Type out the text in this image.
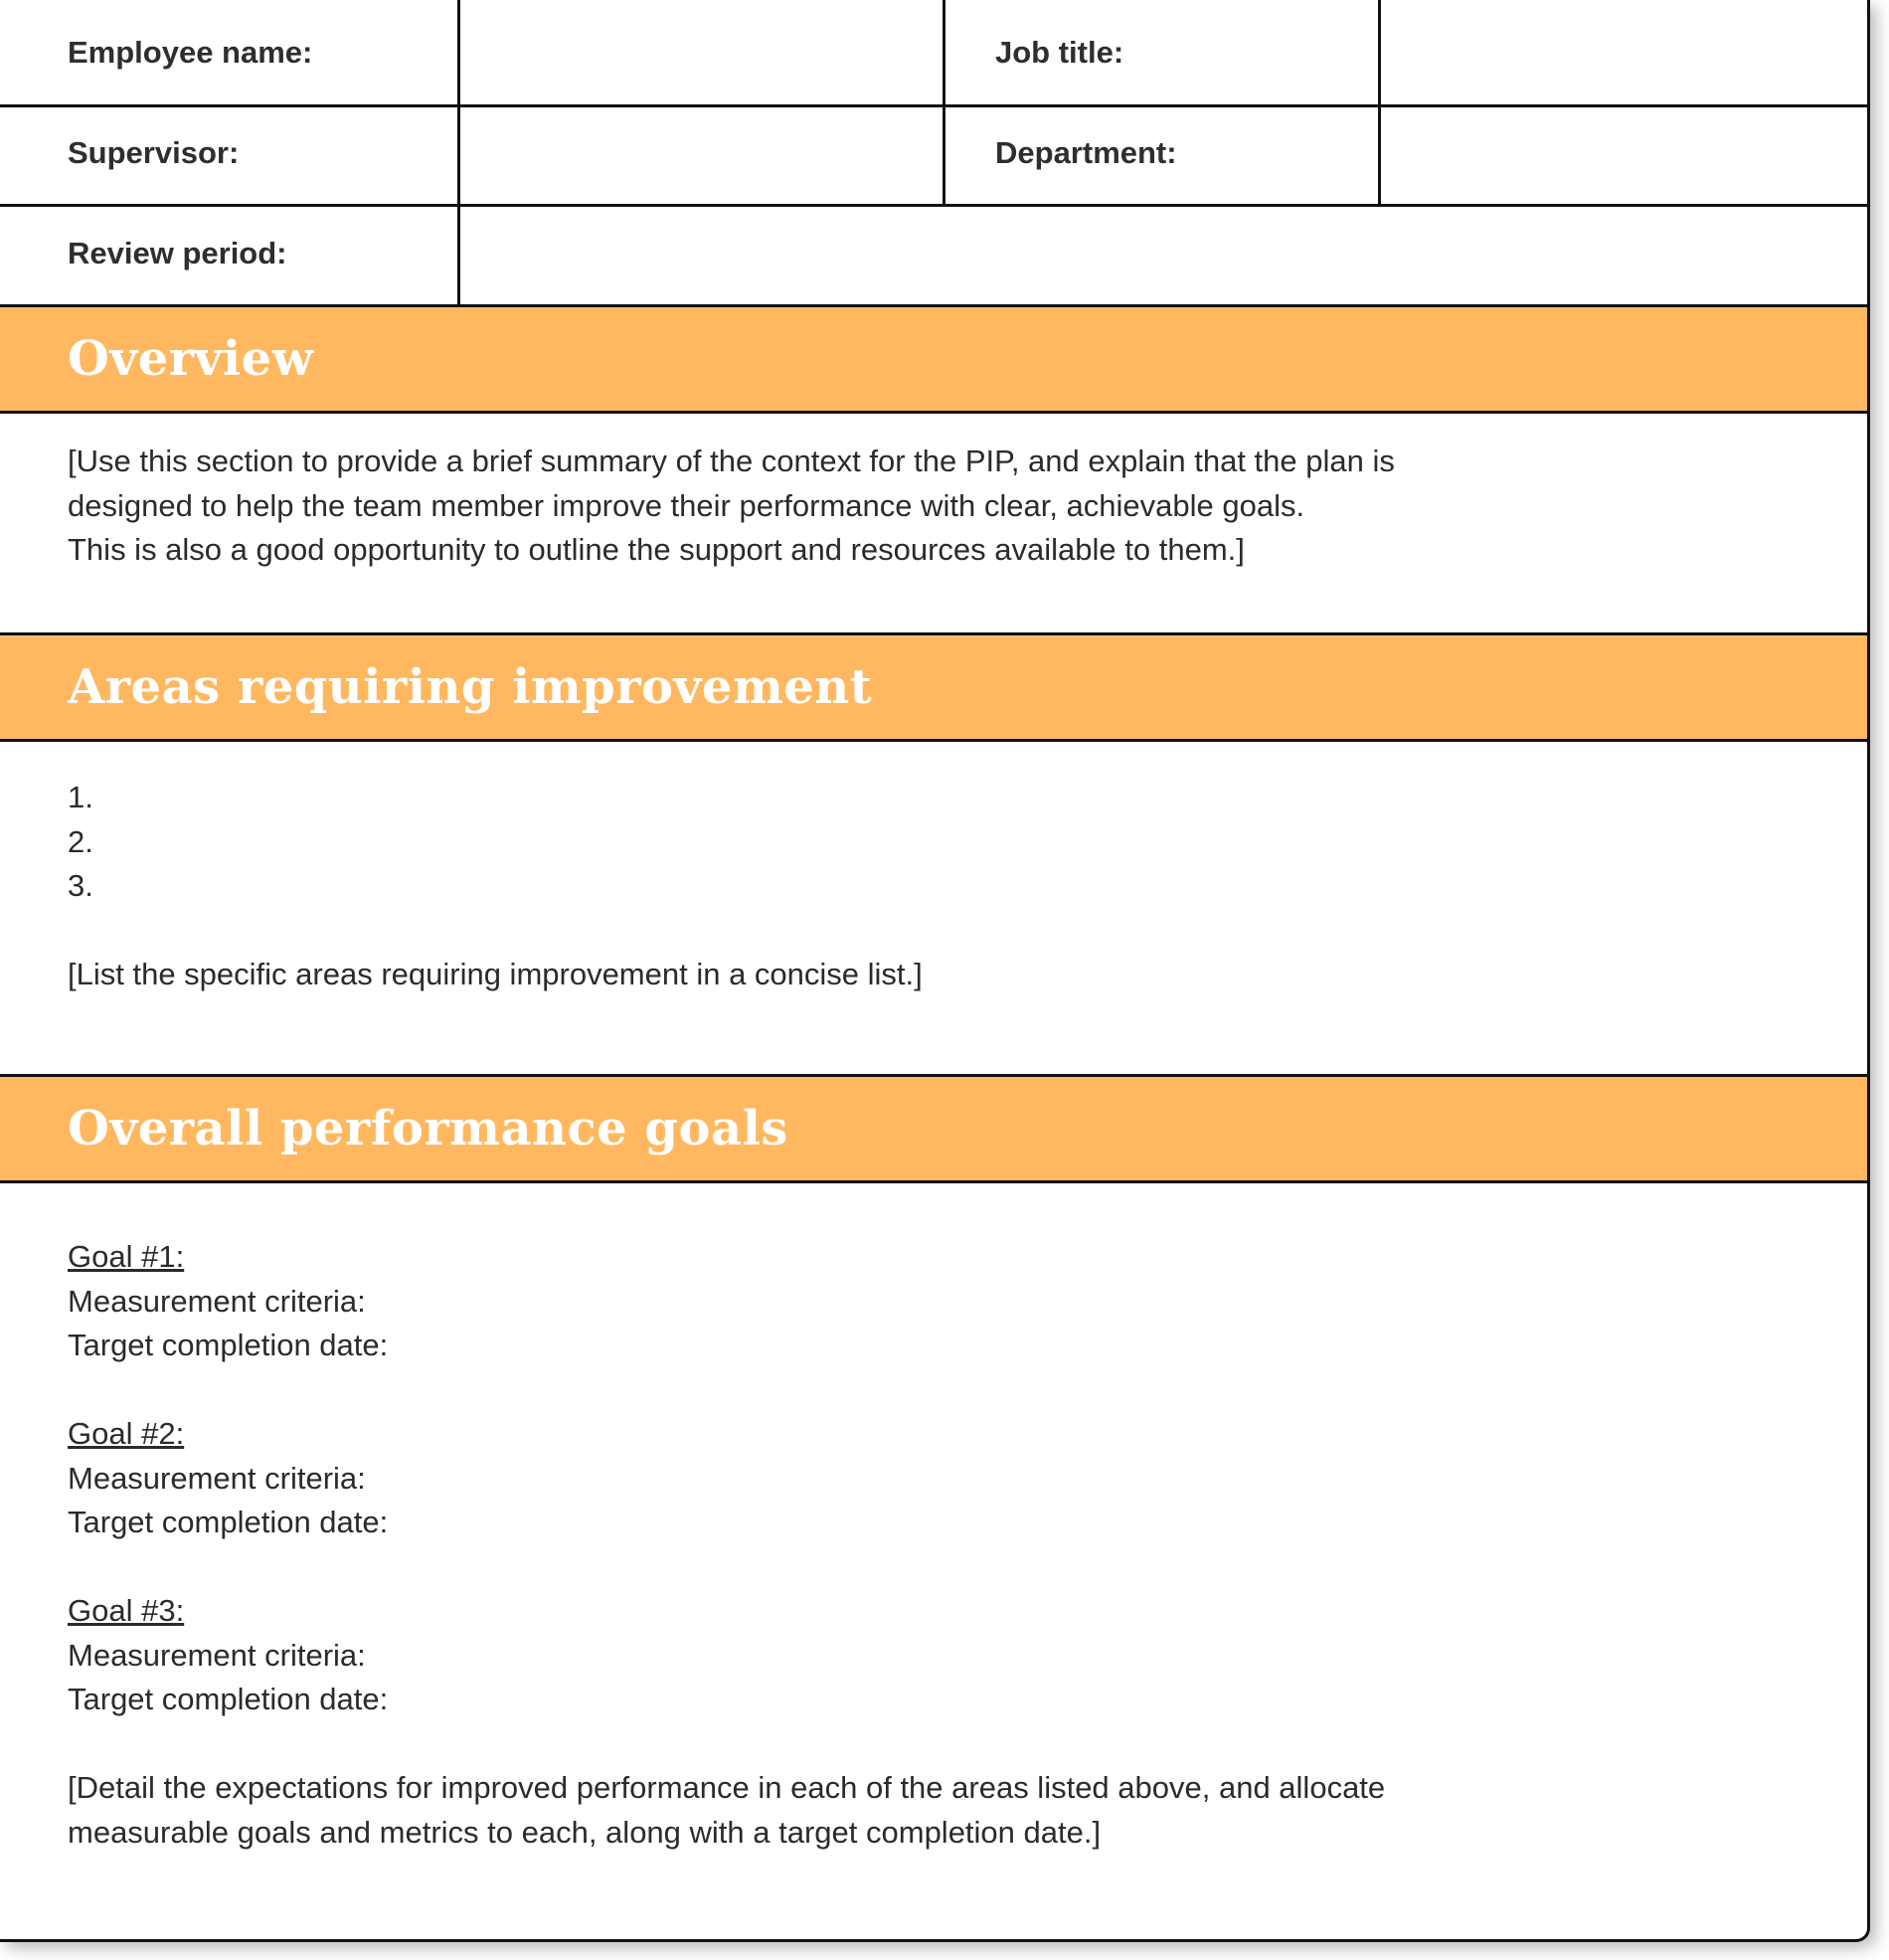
Employee name:	Job title:
Supervisor:	Department:
Review period:
Overview
[Use this section to provide a brief summary of the context for the PIP, and explain that the plan is
designed to help the team member improve their performance with clear, achievable goals.
This is also a good opportunity to outline the support and resources available to them.]
Areas requiring improvement
1.
2.
3.
[List the specific areas requiring improvement in a concise list.]
Overall performance goals
Goal #1:
Measurement criteria:
Target completion date:
Goal #2:
Measurement criteria:
Target completion date:
Goal #3:
Measurement criteria:
Target completion date:
[Detail the expectations for improved performance in each of the areas listed above, and allocate
measurable goals and metrics to each, along with a target completion date.]
